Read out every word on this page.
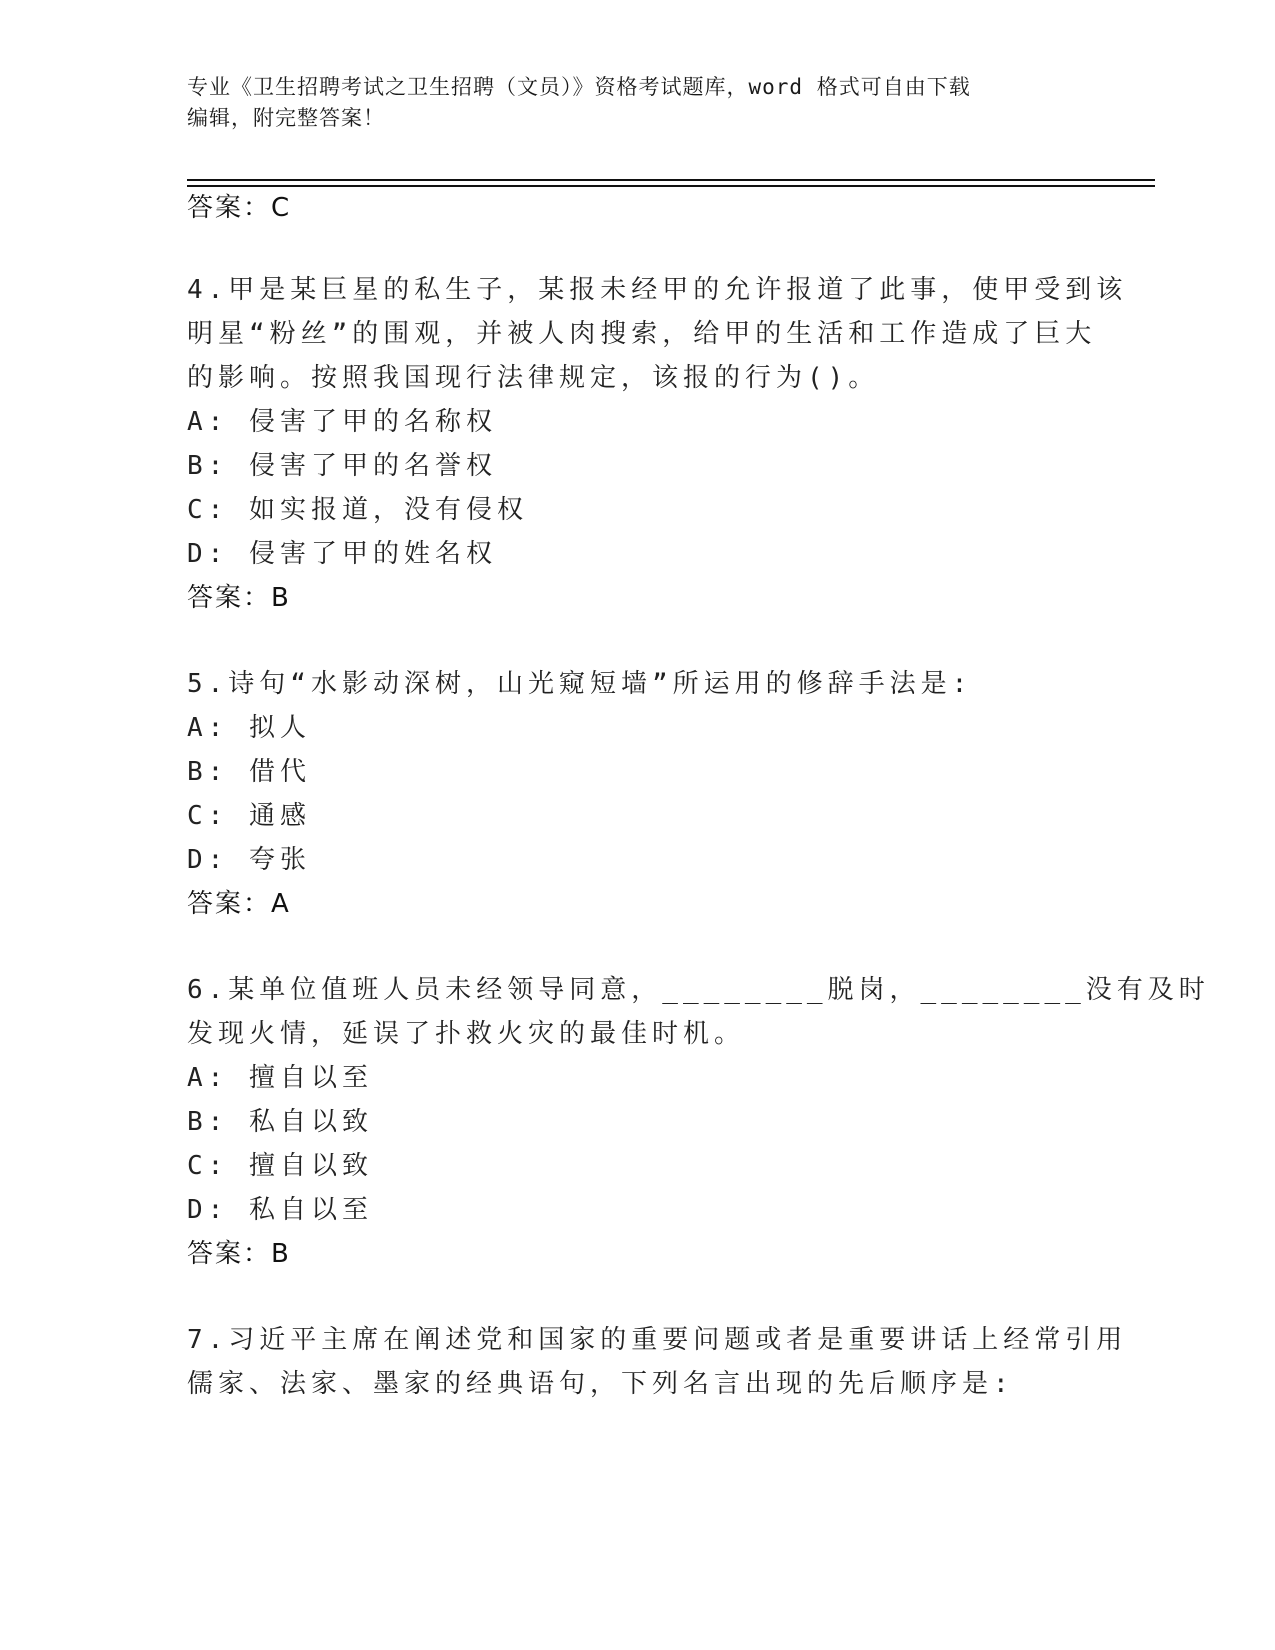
专业《卫生招聘考试之卫生招聘（文员）》资格考试题库，word 格式可自由下载
编辑，附完整答案！
答案：C
4.甲是某巨星的私生子，某报未经甲的允许报道了此事，使甲受到该
明星“粉丝”的围观，并被人肉搜索，给甲的生活和工作造成了巨大
的影响。按照我国现行法律规定，该报的行为()。
A: 侵害了甲的名称权
B: 侵害了甲的名誉权
C: 如实报道，没有侵权
D: 侵害了甲的姓名权
答案：B
5.诗句“水影动深树，山光窥短墙”所运用的修辞手法是:
A: 拟人
B: 借代
C: 通感
D: 夸张
答案：A
6.某单位值班人员未经领导同意，________脱岗，________没有及时
发现火情，延误了扑救火灾的最佳时机。
A: 擅自以至
B: 私自以致
C: 擅自以致
D: 私自以至
答案：B
7.习近平主席在阐述党和国家的重要问题或者是重要讲话上经常引用
儒家、法家、墨家的经典语句，下列名言出现的先后顺序是:
